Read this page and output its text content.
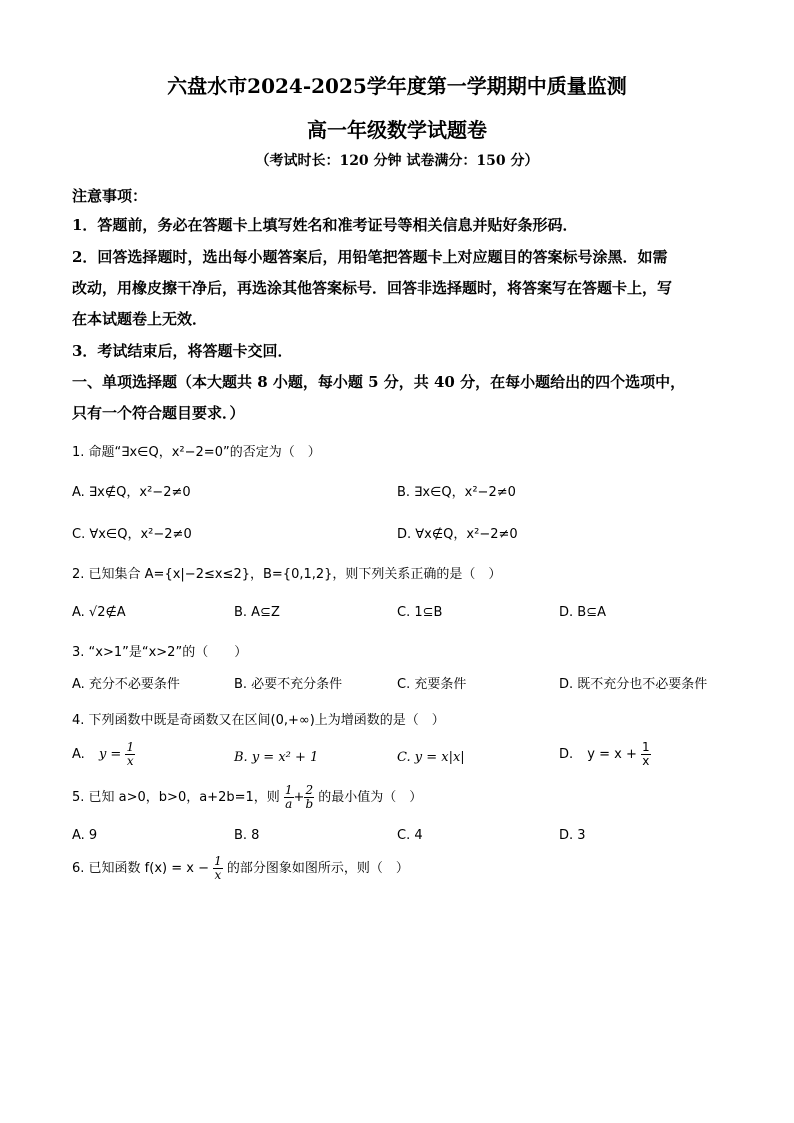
六盘水市2024-2025学年度第一学期期中质量监测
高一年级数学试题卷
（考试时长：120 分钟 试卷满分：150 分）
注意事项：
1．答题前，务必在答题卡上填写姓名和准考证号等相关信息并贴好条形码．
2．回答选择题时，选出每小题答案后，用铅笔把答题卡上对应题目的答案标号涂黑．如需
改动，用橡皮擦干净后，再选涂其他答案标号．回答非选择题时，将答案写在答题卡上，写
在本试题卷上无效．
3．考试结束后，将答题卡交回．
一、单项选择题（本大题共 8 小题，每小题 5 分，共 40 分，在每小题给出的四个选项中，
只有一个符合题目要求．）
1. 命题“∃x∈Q，x²−2=0”的否定为（　）
A. ∃x∉Q，x²−2≠0	B. ∃x∈Q，x²−2≠0
C. ∀x∈Q，x²−2≠0	D. ∀x∉Q，x²−2≠0
2. 已知集合 A={x|−2≤x≤2}，B={0,1,2}，则下列关系正确的是（　）
A. √2∉A	B. A⊆Z	C. 1⊆B	D. B⊆A
3. “x>1”是“x>2”的（　　）
A. 充分不必要条件	B. 必要不充分条件	C. 充要条件	D. 既不充分也不必要条件
4. 下列函数中既是奇函数又在区间(0,+∞)上为增函数的是（　）
A. $y = \frac{1}{x}$	B. y = x² + 1	C. y = x|x|	D. $y = x + \frac{1}{x}$
5. 已知 a>0，b>0，a+2b=1，则 $\frac{1}{a} + \frac{2}{b}$ 的最小值为（　）
A. 9	B. 8	C. 4	D. 3
6. 已知函数 $f(x) = x - \frac{1}{x}$ 的部分图象如图所示，则（　）
